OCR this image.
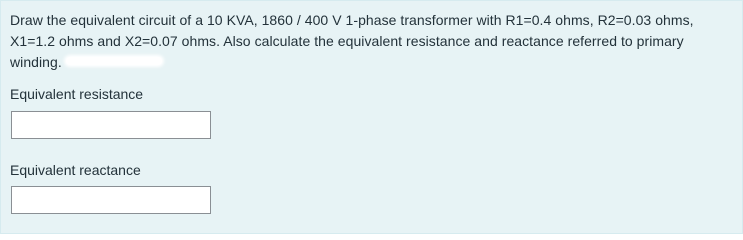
Draw the equivalent circuit of a 10 KVA, 1860 / 400 V 1-phase transformer with R1=0.4 ohms, R2=0.03 ohms,
X1=1.2 ohms and X2=0.07 ohms. Also calculate the equivalent resistance and reactance referred to primary
winding.
Equivalent resistance
Equivalent reactance
